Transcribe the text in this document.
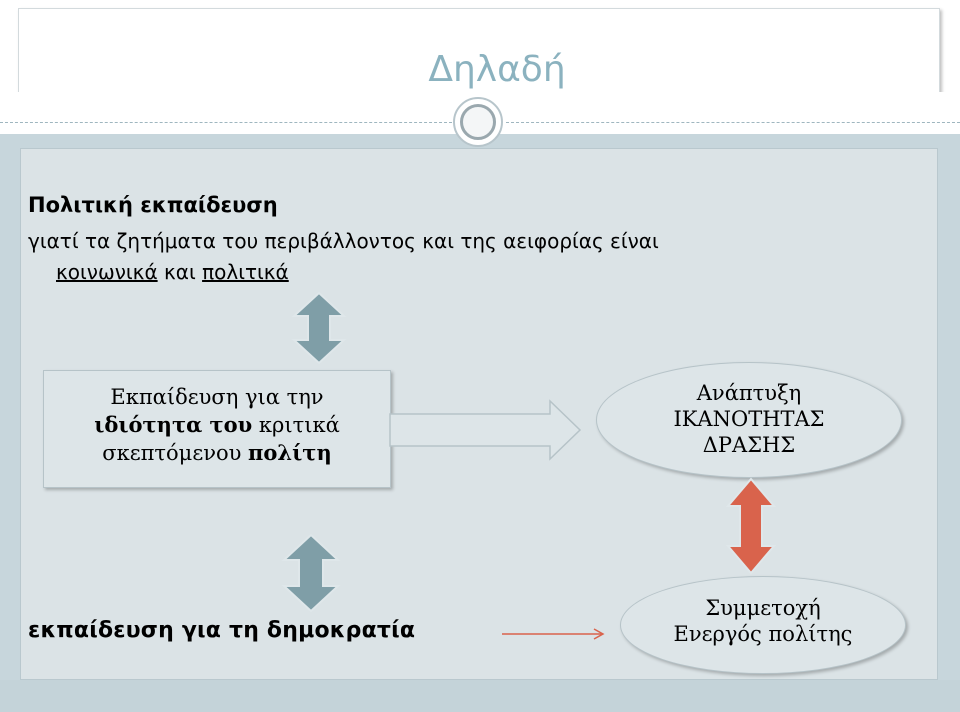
Δηλαδή
Πολιτική εκπαίδευση
γιατί τα ζητήματα του περιβάλλοντος και της αειφορίας είναι
κοινωνικά και πολιτικά
Εκπαίδευση για την
ιδιότητα του κριτικά
σκεπτόμενου πολίτη
Ανάπτυξη
ΙΚΑΝΟΤΗΤΑΣ
ΔΡΑΣΗΣ
εκπαίδευση για τη δημοκρατία
Συμμετοχή
Ενεργός πολίτης
